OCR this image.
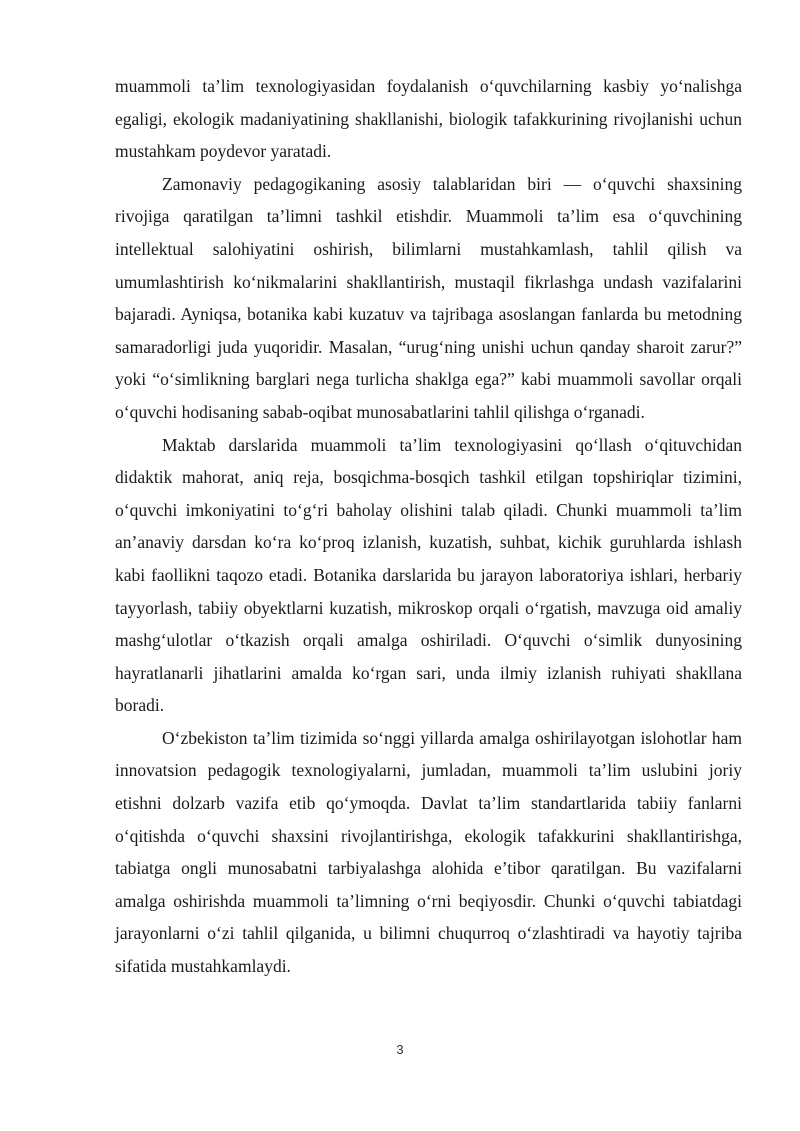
muammoli ta’lim texnologiyasidan foydalanish o‘quvchilarning kasbiy yo‘nalishga egaligi, ekologik madaniyatining shakllanishi, biologik tafakkurining rivojlanishi uchun mustahkam poydevor yaratadi.

Zamonaviy pedagogikaning asosiy talablaridan biri — o‘quvchi shaxsining rivojiga qaratilgan ta’limni tashkil etishdir. Muammoli ta’lim esa o‘quvchining intellektual salohiyatini oshirish, bilimlarni mustahkamlash, tahlil qilish va umumlashtirish ko‘nikmalarini shakllantirish, mustaqil fikrlashga undash vazifalarini bajaradi. Ayniqsa, botanika kabi kuzatuv va tajribaga asoslangan fanlarda bu metodning samaradorligi juda yuqoridir. Masalan, “urug‘ning unishi uchun qanday sharoit zarur?” yoki “o‘simlikning barglari nega turlicha shaklga ega?” kabi muammoli savollar orqali o‘quvchi hodisaning sabab-oqibat munosabatlarini tahlil qilishga o‘rganadi.

Maktab darslarida muammoli ta’lim texnologiyasini qo‘llash o‘qituvchidan didaktik mahorat, aniq reja, bosqichma-bosqich tashkil etilgan topshiriqlar tizimini, o‘quvchi imkoniyatini to‘g‘ri baholay olishini talab qiladi. Chunki muammoli ta’lim an’anaviy darsdan ko‘ra ko‘proq izlanish, kuzatish, suhbat, kichik guruhlarda ishlash kabi faollikni taqozo etadi. Botanika darslarida bu jarayon laboratoriya ishlari, herbariy tayyorlash, tabiiy obyektlarni kuzatish, mikroskop orqali o‘rgatish, mavzuga oid amaliy mashg‘ulotlar o‘tkazish orqali amalga oshiriladi. O‘quvchi o‘simlik dunyosining hayratlanarli jihatlarini amalda ko‘rgan sari, unda ilmiy izlanish ruhiyati shakllana boradi.

O‘zbekiston ta’lim tizimida so‘nggi yillarda amalga oshirilayotgan islohotlar ham innovatsion pedagogik texnologiyalarni, jumladan, muammoli ta’lim uslubini joriy etishni dolzarb vazifa etib qo‘ymoqda. Davlat ta’lim standartlarida tabiiy fanlarni o‘qitishda o‘quvchi shaxsini rivojlantirishga, ekologik tafakkurini shakllantirishga, tabiatga ongli munosabatni tarbiyalashga alohida e’tibor qaratilgan. Bu vazifalarni amalga oshirishda muammoli ta’limning o‘rni beqiyosdir. Chunki o‘quvchi tabiatdagi jarayonlarni o‘zi tahlil qilganida, u bilimni chuqurroq o‘zlashtiradi va hayotiy tajriba sifatida mustahkamlaydi.

3
